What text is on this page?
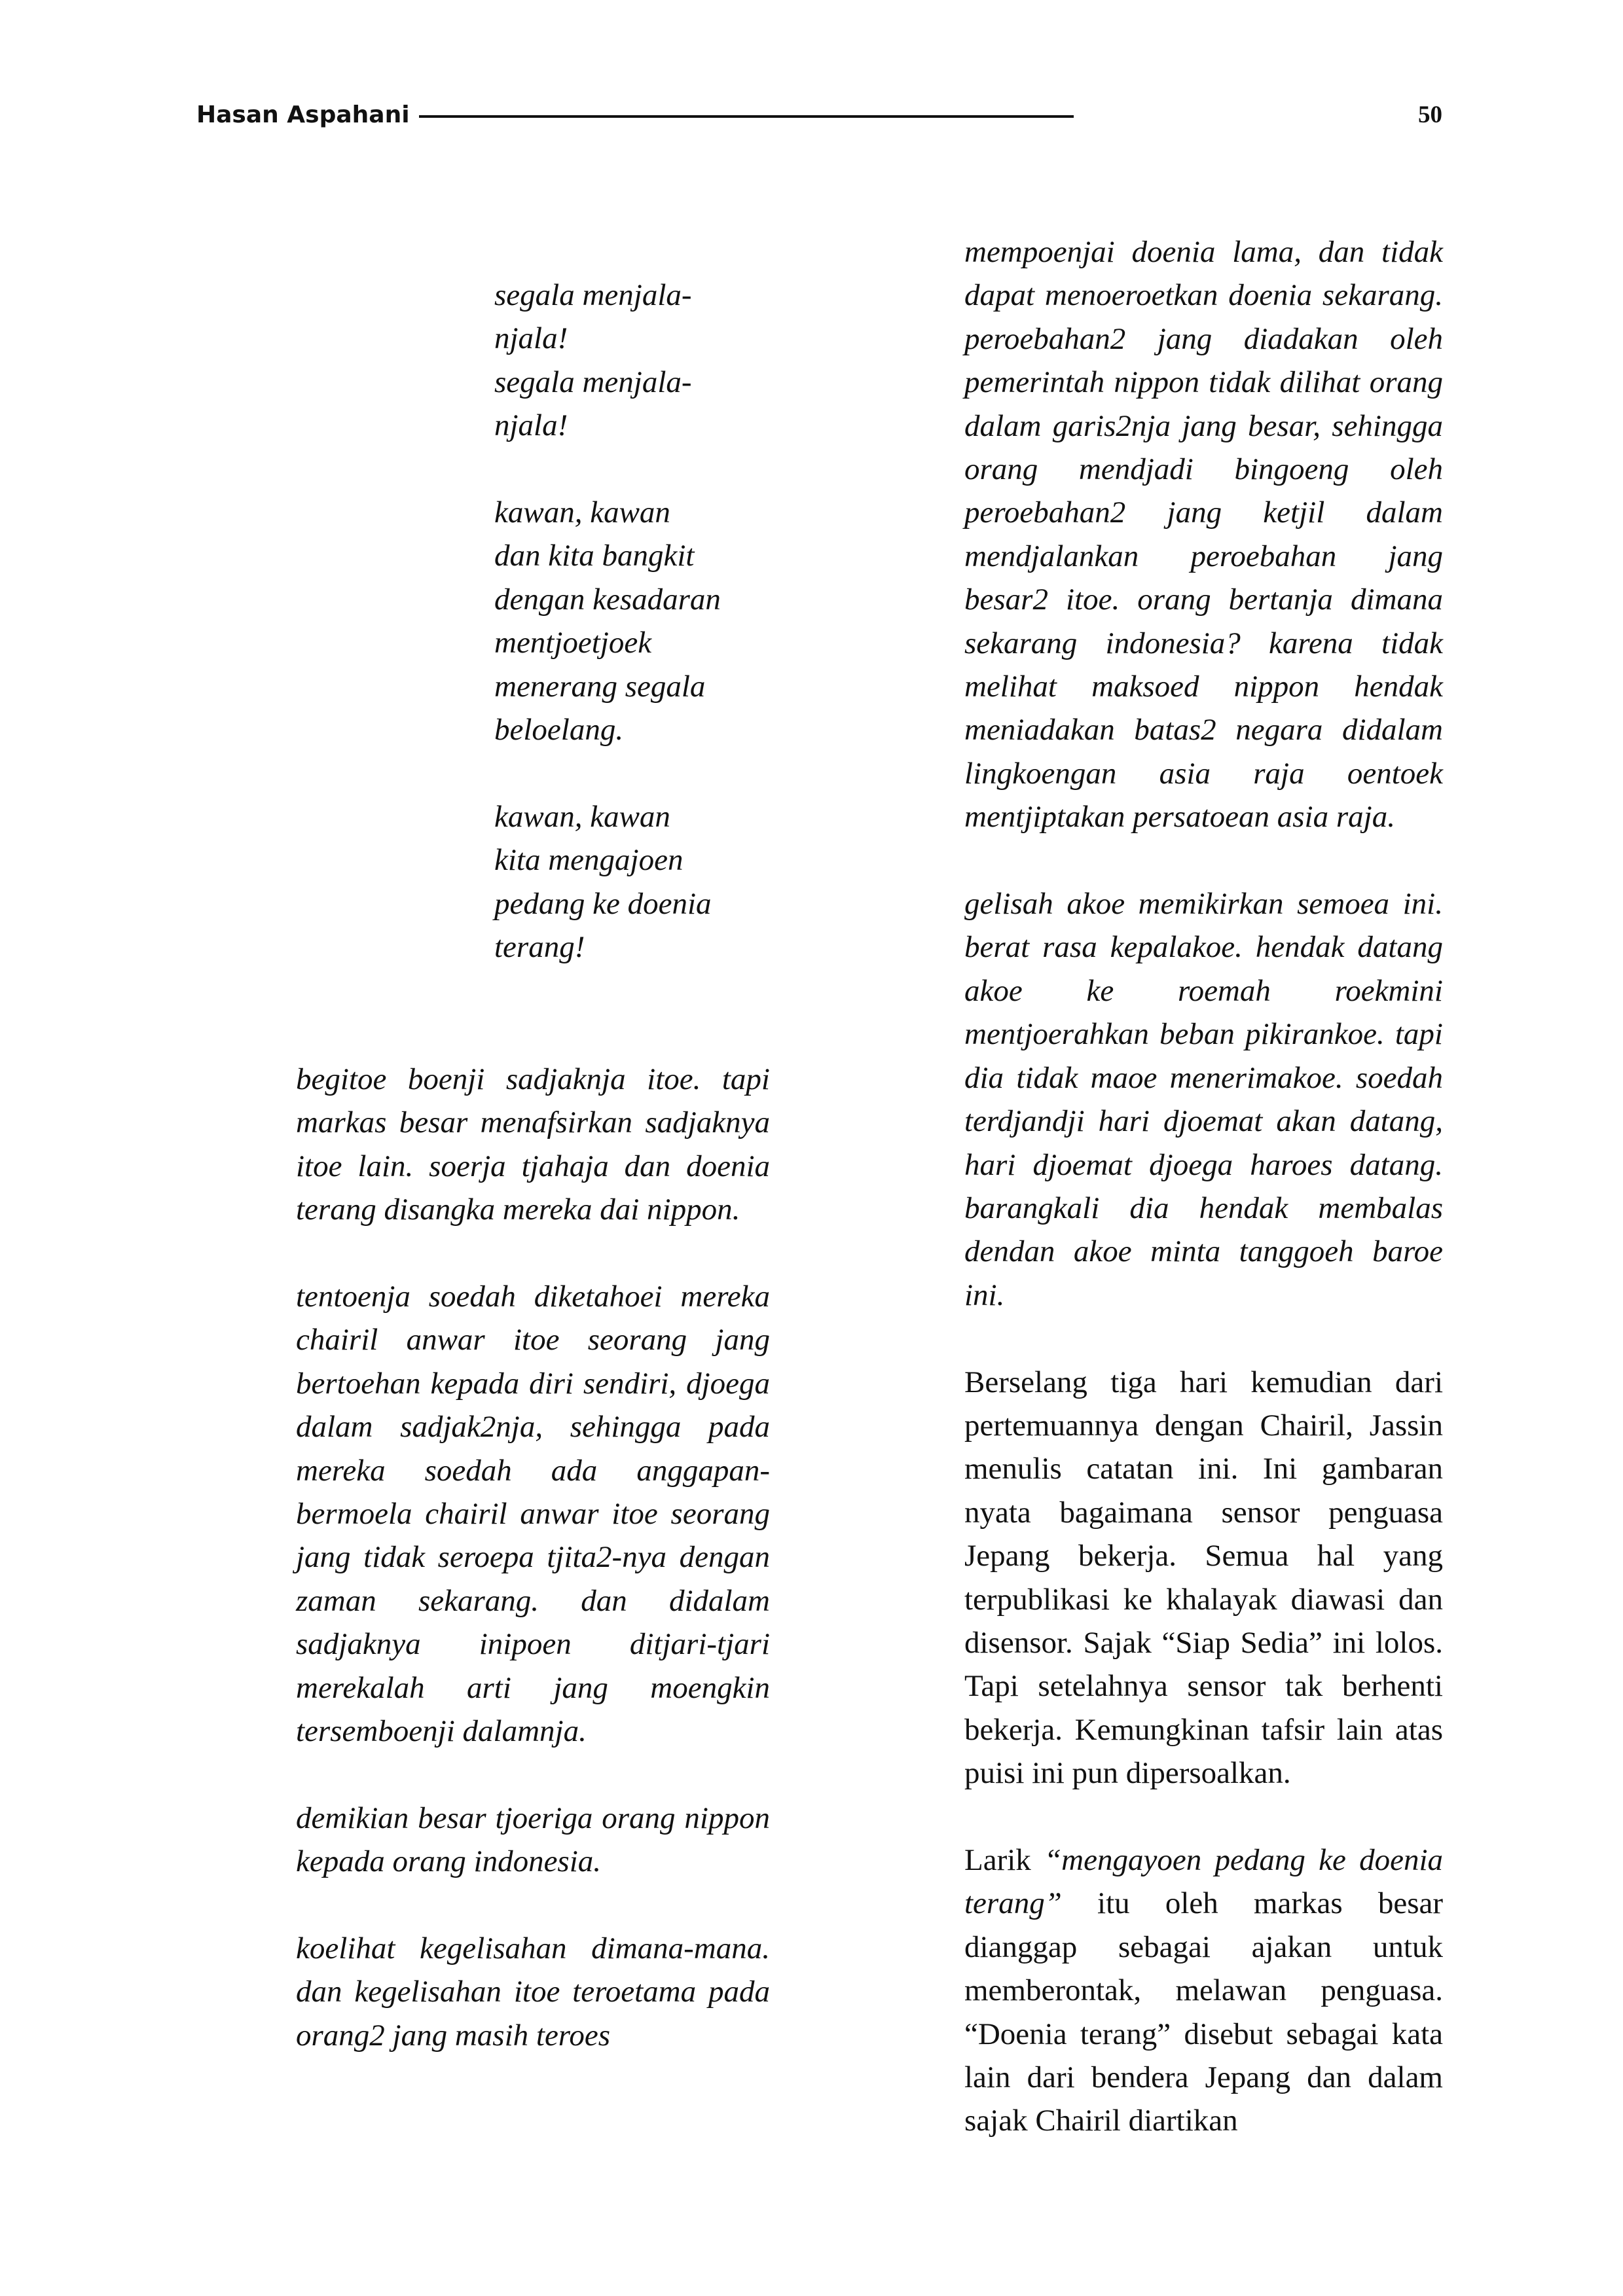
Hasan Aspahani	50

segala menjala-

njala!

segala menjala-

njala!

kawan, kawan

dan kita bangkit

dengan kesadaran

mentjoetjoek

menerang segala

beloelang.

kawan, kawan

kita mengajoen

pedang ke doenia

terang!

begitoe boenji sadjaknja itoe. tapi markas besar menafsirkan sadjaknya itoe lain. soerja tjahaja dan doenia terang disangka mereka dai nippon.

tentoenja soedah diketahoei mereka chairil anwar itoe seorang jang bertoehan kepada diri sendiri, djoega dalam sadjak2nja, sehingga pada mereka soedah ada anggapan-bermoela chairil anwar itoe seorang jang tidak seroepa tjita2-nya dengan zaman sekarang. dan didalam sadjaknya inipoen ditjari-tjari merekalah arti jang moengkin tersemboenji dalamnja.

demikian besar tjoeriga orang nippon kepada orang indonesia.

koelihat kegelisahan dimana-mana. dan kegelisahan itoe teroetama pada orang2 jang masih teroes

mempoenjai doenia lama, dan tidak dapat menoeroetkan doenia sekarang. peroebahan2 jang diadakan oleh pemerintah nippon tidak dilihat orang dalam garis2nja jang besar, sehingga orang mendjadi bingoeng oleh peroebahan2 jang ketjil dalam mendjalankan peroebahan jang besar2 itoe. orang bertanja dimana sekarang indonesia? karena tidak melihat maksoed nippon hendak meniadakan batas2 negara didalam lingkoengan asia raja oentoek mentjiptakan persatoean asia raja.

gelisah akoe memikirkan semoea ini. berat rasa kepalakoe. hendak datang akoe ke roemah roekmini mentjoerahkan beban pikirankoe. tapi dia tidak maoe menerimakoe. soedah terdjandji hari djoemat akan datang, hari djoemat djoega haroes datang. barangkali dia hendak membalas dendan akoe minta tanggoeh baroe ini.

Berselang tiga hari kemudian dari pertemuannya dengan Chairil, Jassin menulis catatan ini. Ini gambaran nyata bagaimana sensor penguasa Jepang bekerja. Semua hal yang terpublikasi ke khalayak diawasi dan disensor. Sajak “Siap Sedia” ini lolos. Tapi setelahnya sensor tak berhenti bekerja. Kemungkinan tafsir lain atas puisi ini pun dipersoalkan.

Larik “mengayoen pedang ke doenia terang” itu oleh markas besar dianggap sebagai ajakan untuk memberontak, melawan penguasa. “Doenia terang” disebut sebagai kata lain dari bendera Jepang dan dalam sajak Chairil diartikan
